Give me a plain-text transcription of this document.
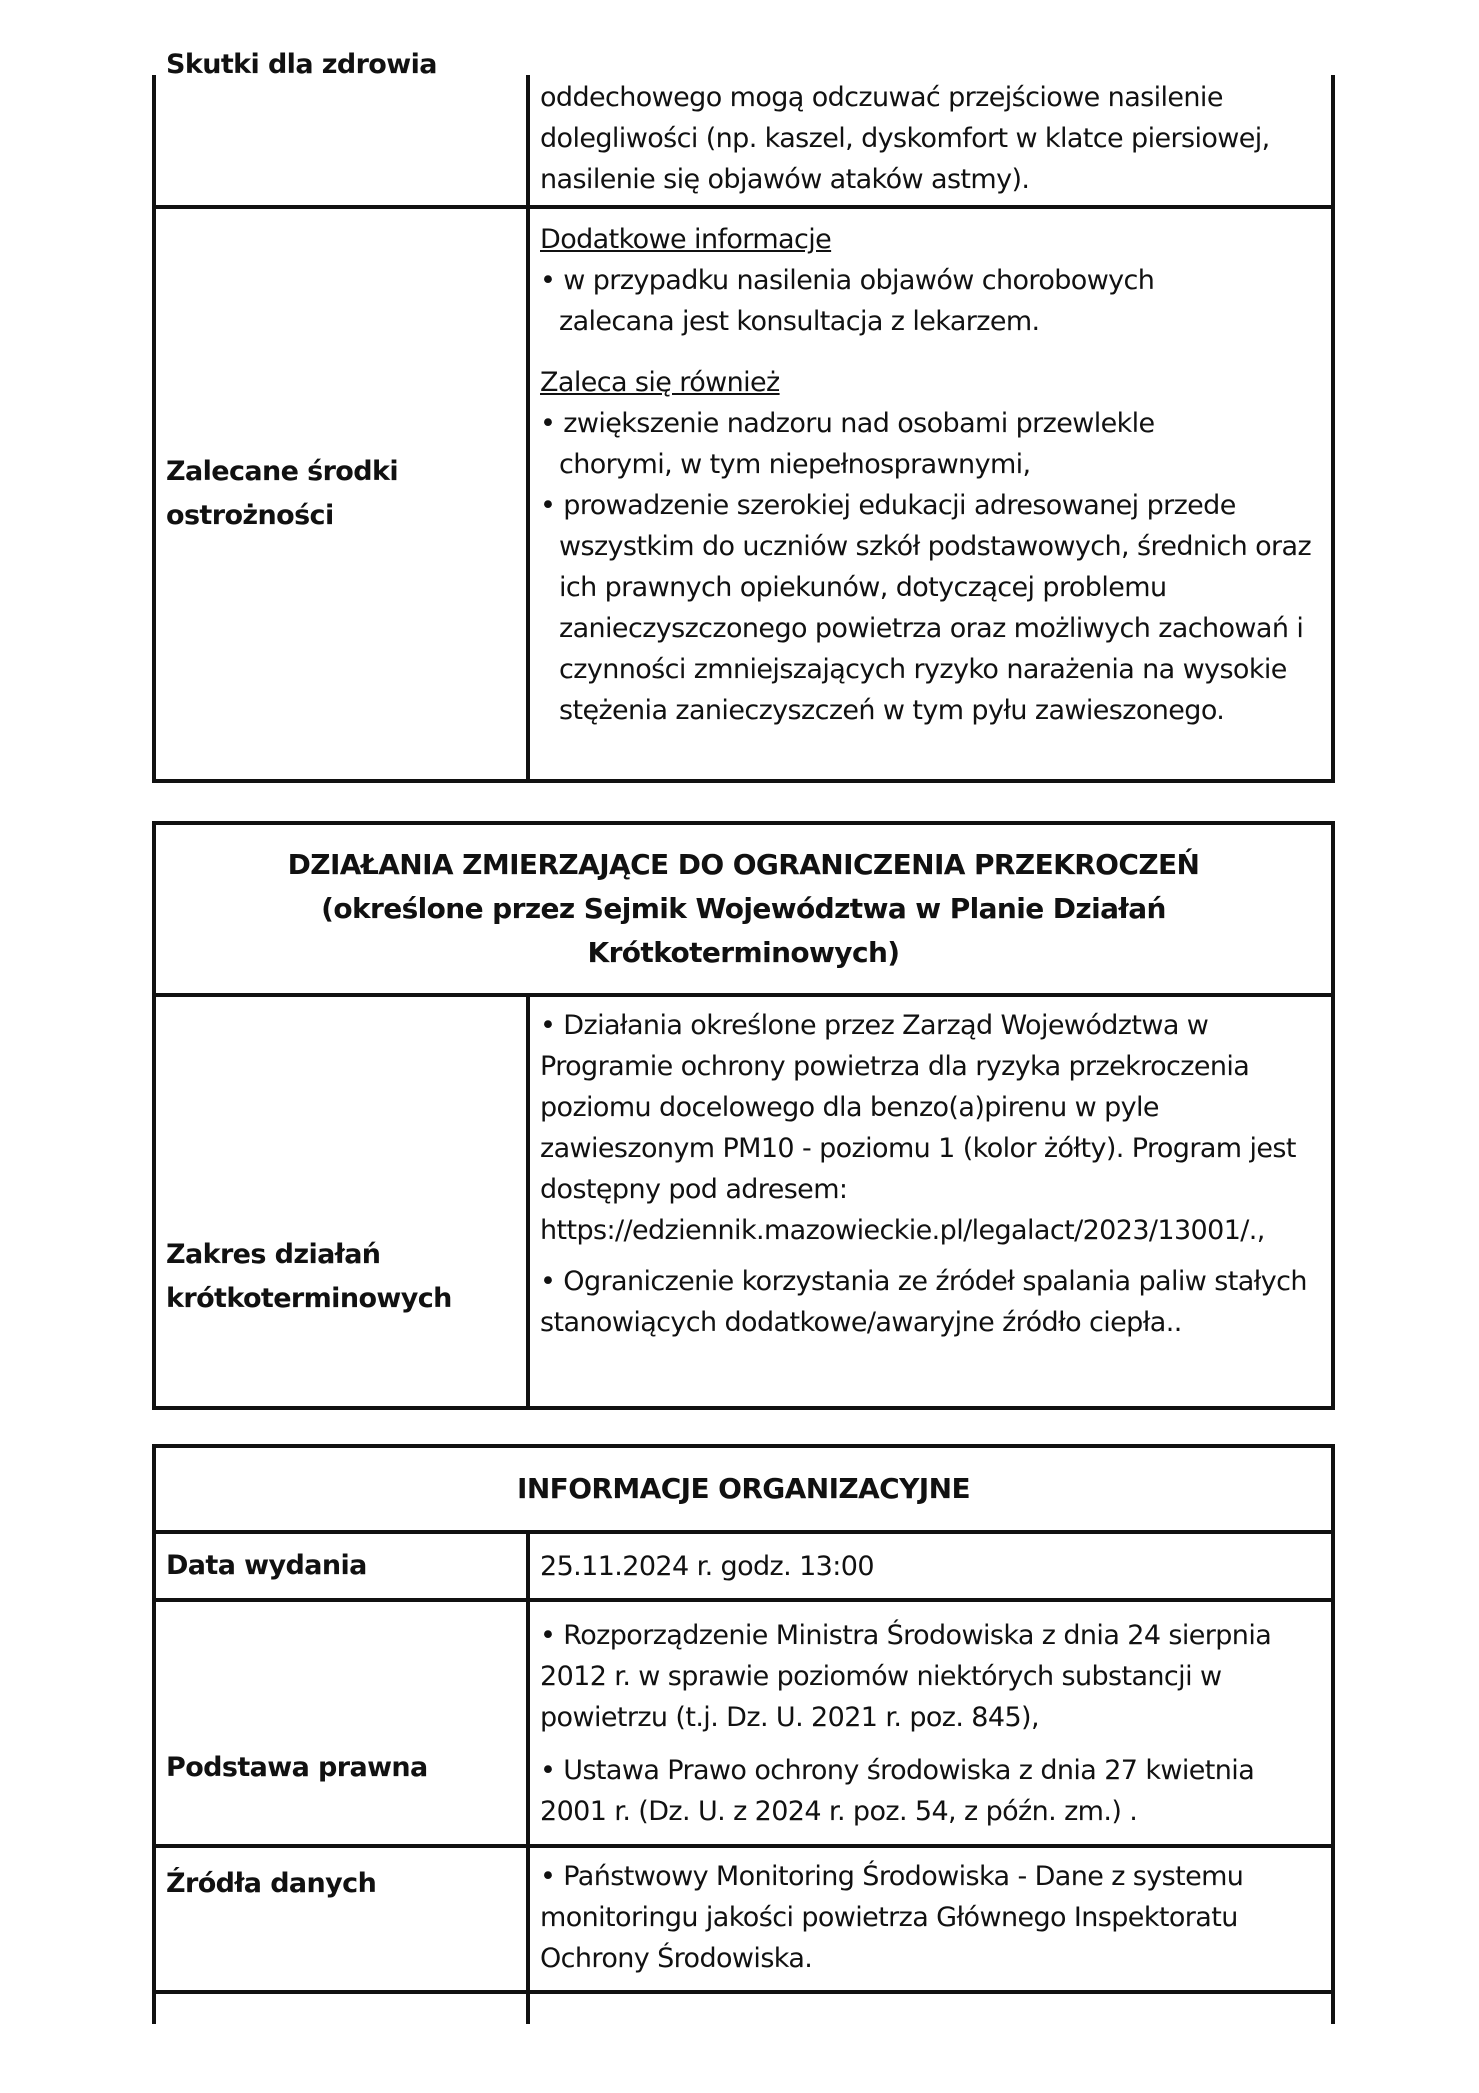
Skutki dla zdrowia
oddechowego mogą odczuwać przejściowe nasilenie
dolegliwości (np. kaszel, dyskomfort w klatce piersiowej,
nasilenie się objawów ataków astmy).
Zalecane środki ostrożności
Dodatkowe informacje
• w przypadku nasilenia objawów chorobowych zalecana jest konsultacja z lekarzem.
Zaleca się również
• zwiększenie nadzoru nad osobami przewlekle chorymi, w tym niepełnosprawnymi,
• prowadzenie szerokiej edukacji adresowanej przede wszystkim do uczniów szkół podstawowych, średnich oraz ich prawnych opiekunów, dotyczącej problemu zanieczyszczonego powietrza oraz możliwych zachowań i czynności zmniejszających ryzyko narażenia na wysokie stężenia zanieczyszczeń w tym pyłu zawieszonego.
DZIAŁANIA ZMIERZAJĄCE DO OGRANICZENIA PRZEKROCZEŃ
(określone przez Sejmik Województwa w Planie Działań
Krótkoterminowych)
Zakres działań krótkoterminowych
• Działania określone przez Zarząd Województwa w Programie ochrony powietrza dla ryzyka przekroczenia poziomu docelowego dla benzo(a)pirenu w pyle zawieszonym PM10 - poziomu 1 (kolor żółty). Program jest dostępny pod adresem: https://edziennik.mazowieckie.pl/legalact/2023/13001/.,
• Ograniczenie korzystania ze źródeł spalania paliw stałych stanowiących dodatkowe/awaryjne źródło ciepła..
INFORMACJE ORGANIZACYJNE
Data wydania	25.11.2024 r. godz. 13:00
Podstawa prawna
• Rozporządzenie Ministra Środowiska z dnia 24 sierpnia 2012 r. w sprawie poziomów niektórych substancji w powietrzu (t.j. Dz. U. 2021 r. poz. 845),
• Ustawa Prawo ochrony środowiska z dnia 27 kwietnia 2001 r. (Dz. U. z 2024 r. poz. 54, z późn. zm.) .
Źródła danych	• Państwowy Monitoring Środowiska - Dane z systemu monitoringu jakości powietrza Głównego Inspektoratu Ochrony Środowiska.
